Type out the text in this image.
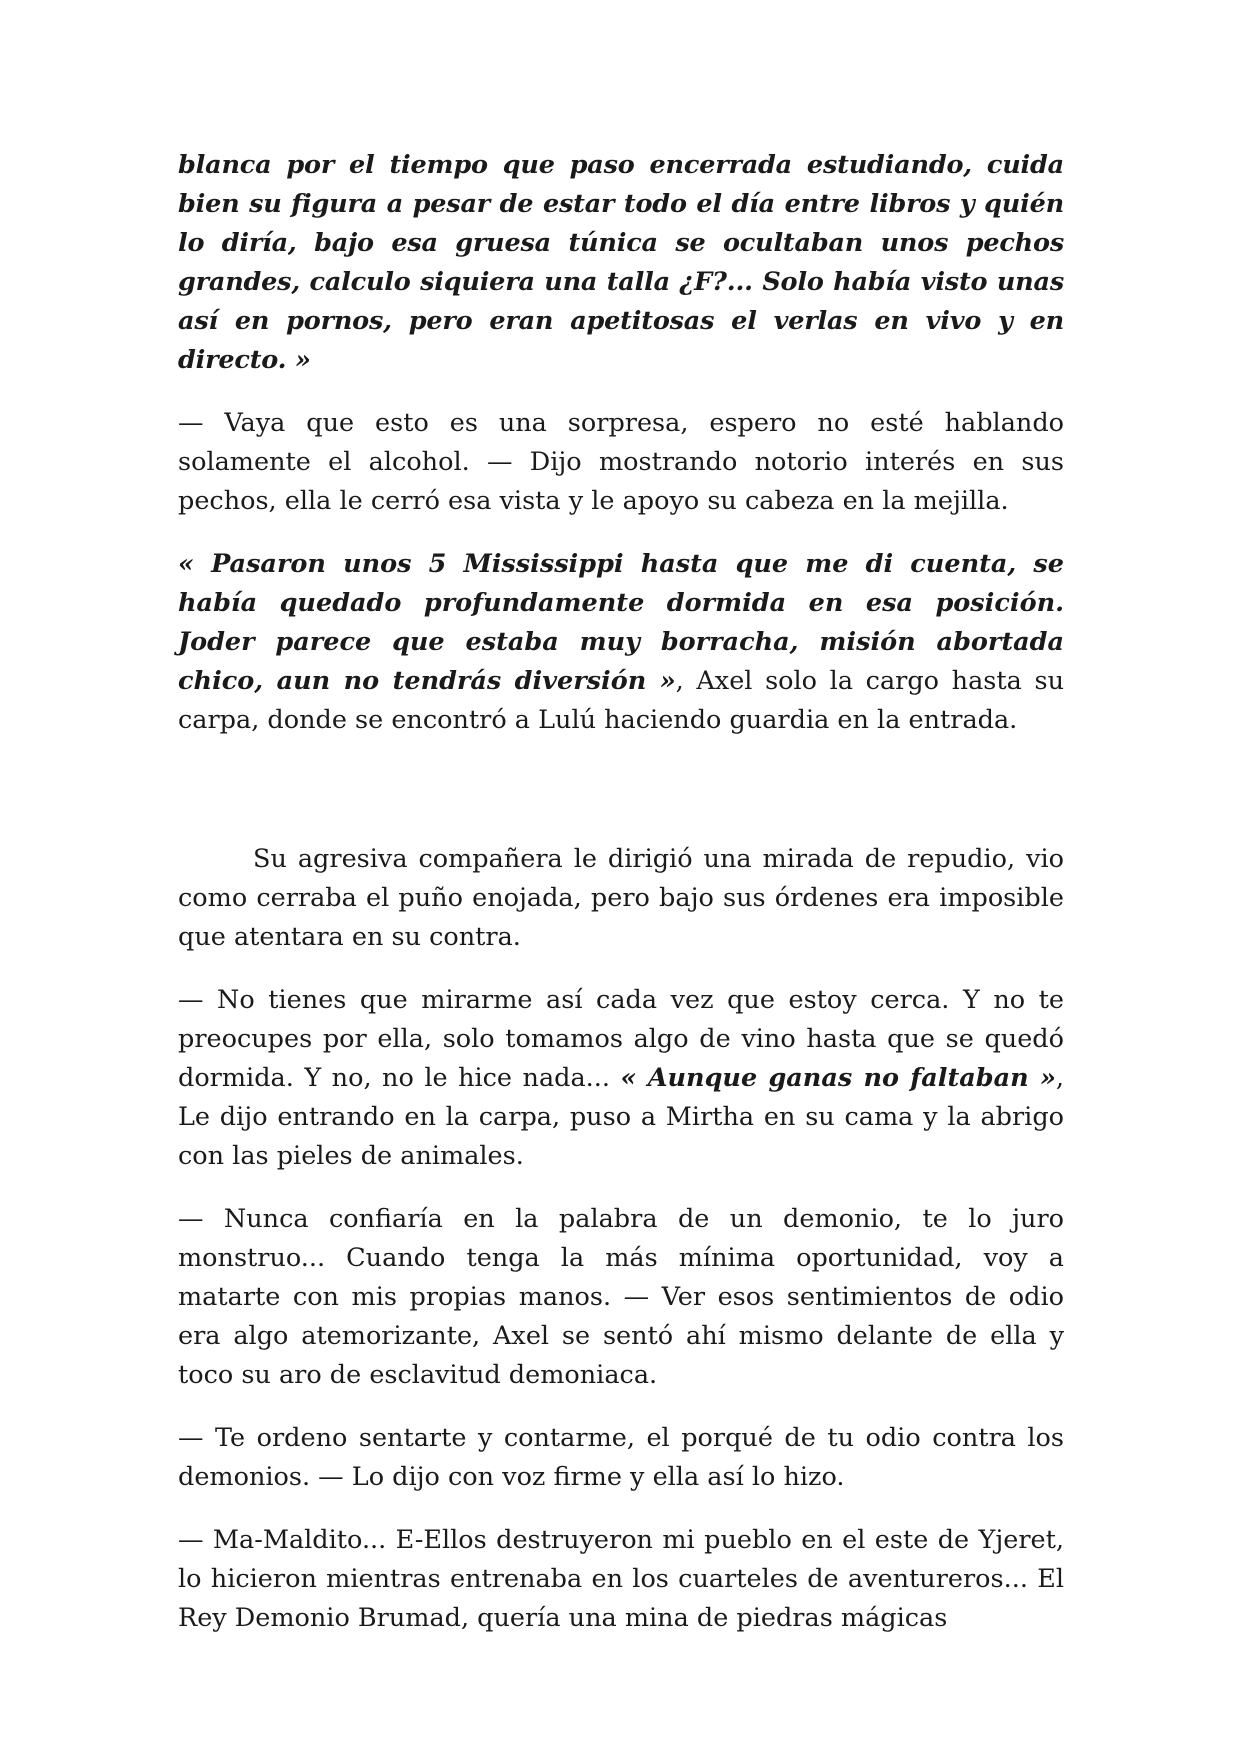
blanca por el tiempo que paso encerrada estudiando, cuida bien su figura a pesar de estar todo el día entre libros y quién lo diría, bajo esa gruesa túnica se ocultaban unos pechos grandes, calculo siquiera una talla ¿F?... Solo había visto unas así en pornos, pero eran apetitosas el verlas en vivo y en directo. »

— Vaya que esto es una sorpresa, espero no esté hablando solamente el alcohol. — Dijo mostrando notorio interés en sus pechos, ella le cerró esa vista y le apoyo su cabeza en la mejilla.

« Pasaron unos 5 Mississippi hasta que me di cuenta, se había quedado profundamente dormida en esa posición. Joder parece que estaba muy borracha, misión abortada chico, aun no tendrás diversión », Axel solo la cargo hasta su carpa, donde se encontró a Lulú haciendo guardia en la entrada.

Su agresiva compañera le dirigió una mirada de repudio, vio como cerraba el puño enojada, pero bajo sus órdenes era imposible que atentara en su contra.

— No tienes que mirarme así cada vez que estoy cerca. Y no te preocupes por ella, solo tomamos algo de vino hasta que se quedó dormida. Y no, no le hice nada... « Aunque ganas no faltaban », Le dijo entrando en la carpa, puso a Mirtha en su cama y la abrigo con las pieles de animales.

— Nunca confiaría en la palabra de un demonio, te lo juro monstruo... Cuando tenga la más mínima oportunidad, voy a matarte con mis propias manos. — Ver esos sentimientos de odio era algo atemorizante, Axel se sentó ahí mismo delante de ella y toco su aro de esclavitud demoniaca.

— Te ordeno sentarte y contarme, el porqué de tu odio contra los demonios. — Lo dijo con voz firme y ella así lo hizo.

— Ma-Maldito... E-Ellos destruyeron mi pueblo en el este de Yjeret, lo hicieron mientras entrenaba en los cuarteles de aventureros... El Rey Demonio Brumad, quería una mina de piedras mágicas
